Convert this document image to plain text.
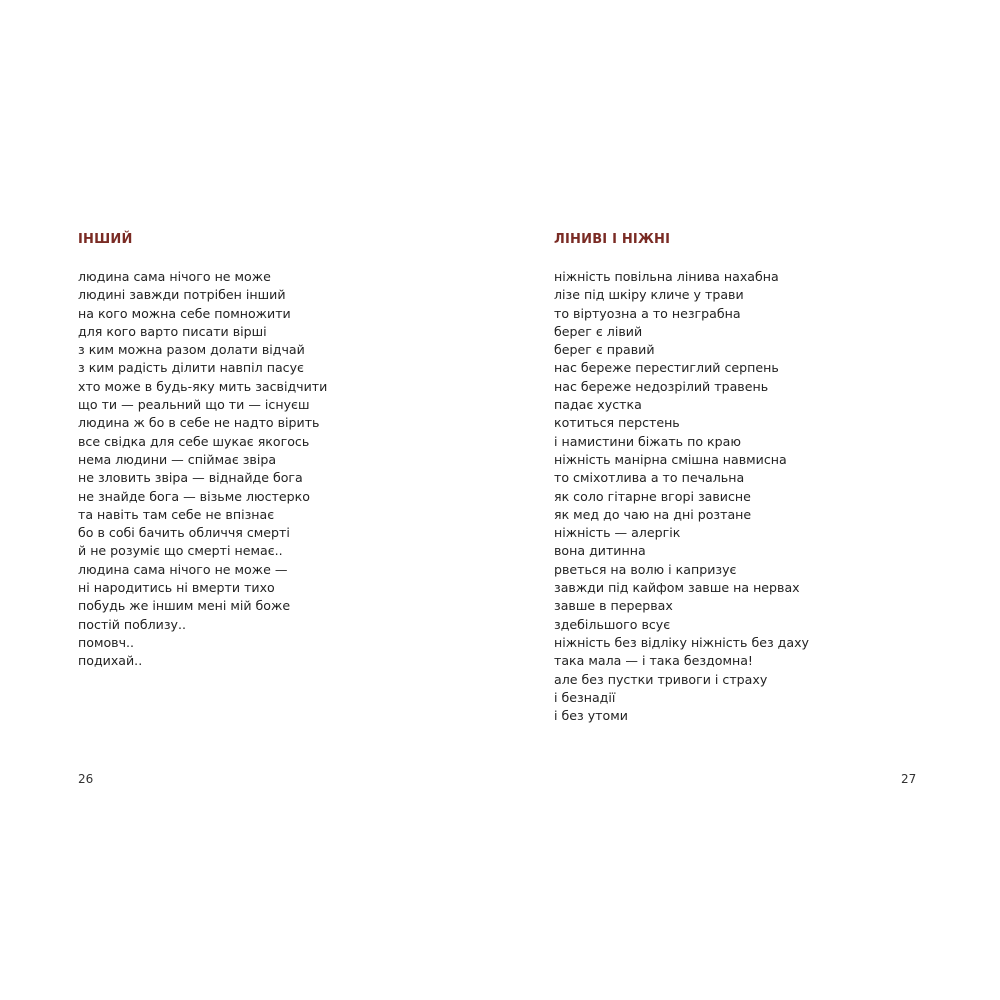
ІНШИЙ
людина сама нічого не може
людині завжди потрібен інший
на кого можна себе помножити
для кого варто писати вірші
з ким можна разом долати відчай
з ким радість ділити навпіл пасує
хто може в будь-яку мить засвідчити
що ти — реальний що ти — існуєш
людина ж бо в себе не надто вірить
все свідка для себе шукає якогось
нема людини — спіймає звіра
не зловить звіра — віднайде бога
не знайде бога — візьме люстерко
та навіть там себе не впізнає
бо в собі бачить обличчя смерті
й не розуміє що смерті немає..
людина сама нічого не може —
ні народитись ні вмерти тихо
побудь же іншим мені мій боже
постій поблизу..
помовч..
подихай..
26
ЛІНИВІ І НІЖНІ
ніжність повільна лінива нахабна
лізе під шкіру кличе у трави
то віртуозна а то незграбна
берег є лівий
берег є правий
нас береже перестиглий серпень
нас береже недозрілий травень
падає хустка
котиться перстень
і намистини біжать по краю
ніжність манірна смішна навмисна
то сміхотлива а то печальна
як соло гітарне вгорі зависне
як мед до чаю на дні розтане
ніжність — алергік
вона дитинна
рветься на волю і капризує
завжди під кайфом завше на нервах
завше в перервах
здебільшого всує
ніжність без відліку ніжність без даху
така мала — і така бездомна!
але без пустки тривоги і страху
і безнадії
і без утоми
27
